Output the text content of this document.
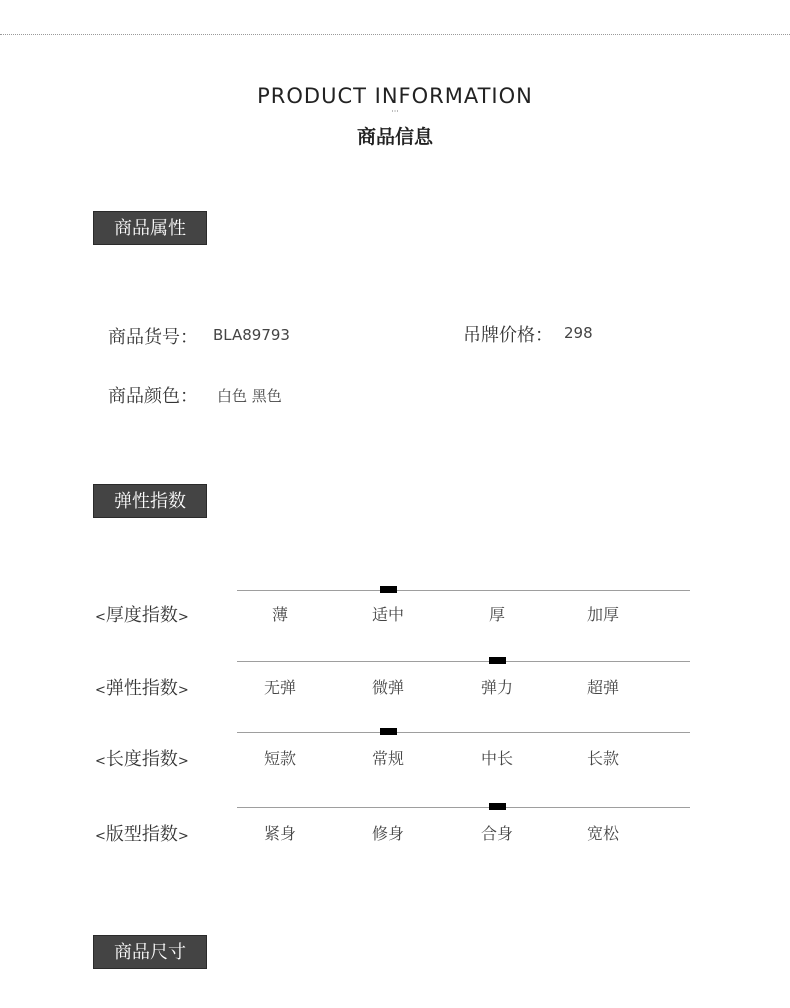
PRODUCT INFORMATION
···
商品信息
商品属性
商品货号： BLA89793	吊牌价格： 298
商品颜色： 白色 黑色
弹性指数
<厚度指数>	薄	适中	厚	加厚
<弹性指数>	无弹	微弹	弹力	超弹
<长度指数>	短款	常规	中长	长款
<版型指数>	紧身	修身	合身	宽松
商品尺寸
